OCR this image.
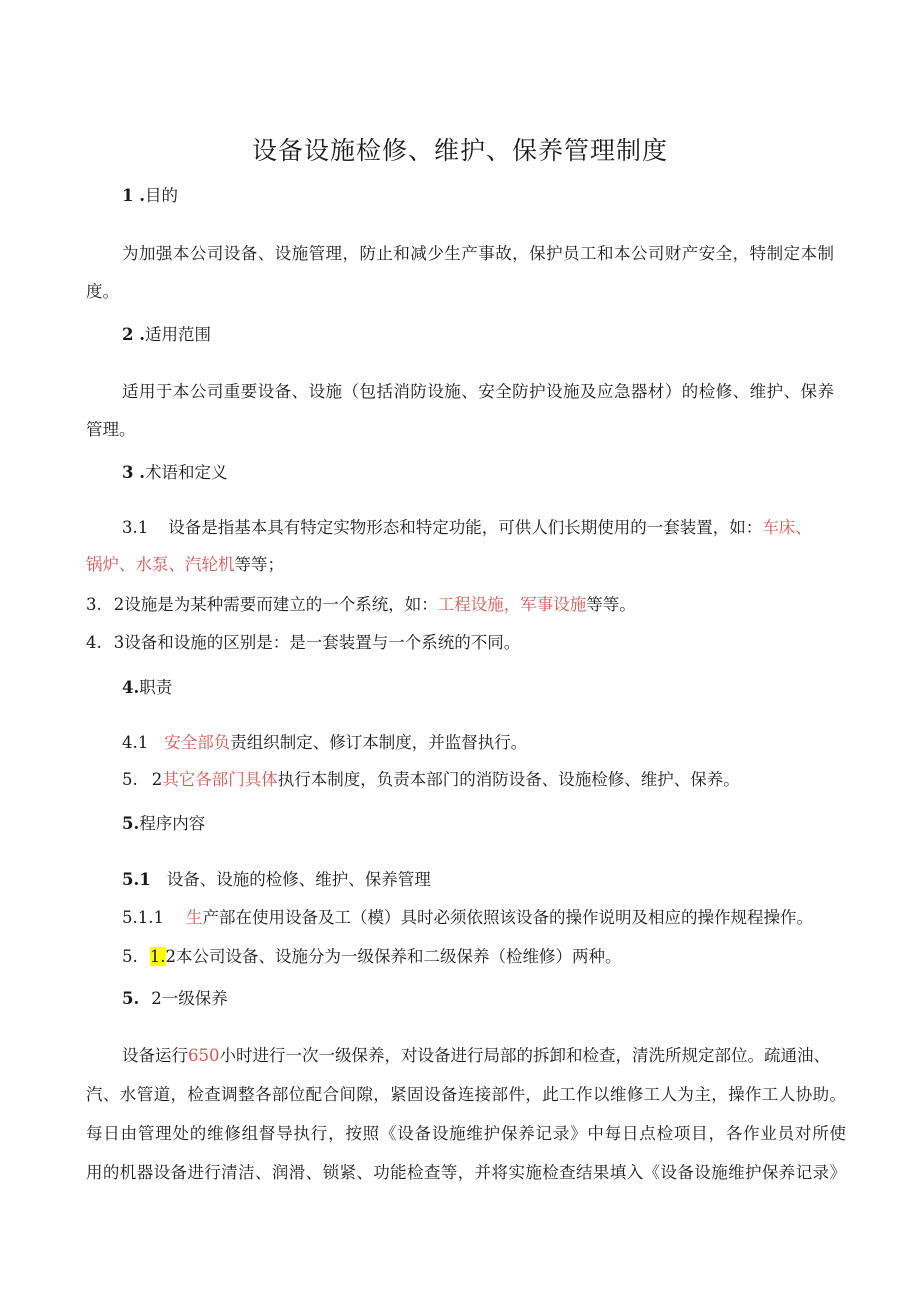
设备设施检修、维护、保养管理制度
1 .目的
为加强本公司设备、设施管理，防止和减少生产事故，保护员工和本公司财产安全，特制定本制
度。
2 .适用范围
适用于本公司重要设备、设施（包括消防设施、安全防护设施及应急器材）的检修、维护、保养
管理。
3 .术语和定义
3.1 设备是指基本具有特定实物形态和特定功能，可供人们长期使用的一套装置，如：车床、
锅炉、水泵、汽轮机等等；
3. 2设施是为某种需要而建立的一个系统，如：工程设施，军事设施等等。
4. 3设备和设施的区别是：是一套装置与一个系统的不同。
4.职责
4.1 安全部负责组织制定、修订本制度，并监督执行。
5. 2其它各部门具体执行本制度，负责本部门的消防设备、设施检修、维护、保养。
5.程序内容
5.1 设备、设施的检修、维护、保养管理
5.1.1 生产部在使用设备及工（模）具时必须依照该设备的操作说明及相应的操作规程操作。
5. 1.2本公司设备、设施分为一级保养和二级保养（检维修）两种。
5. 2一级保养
设备运行650小时进行一次一级保养，对设备进行局部的拆卸和检查，清洗所规定部位。疏通油、
汽、水管道，检查调整各部位配合间隙，紧固设备连接部件，此工作以维修工人为主，操作工人协助。
每日由管理处的维修组督导执行，按照《设备设施维护保养记录》中每日点检项目，各作业员对所使
用的机器设备进行清洁、润滑、锁紧、功能检查等，并将实施检查结果填入《设备设施维护保养记录》
